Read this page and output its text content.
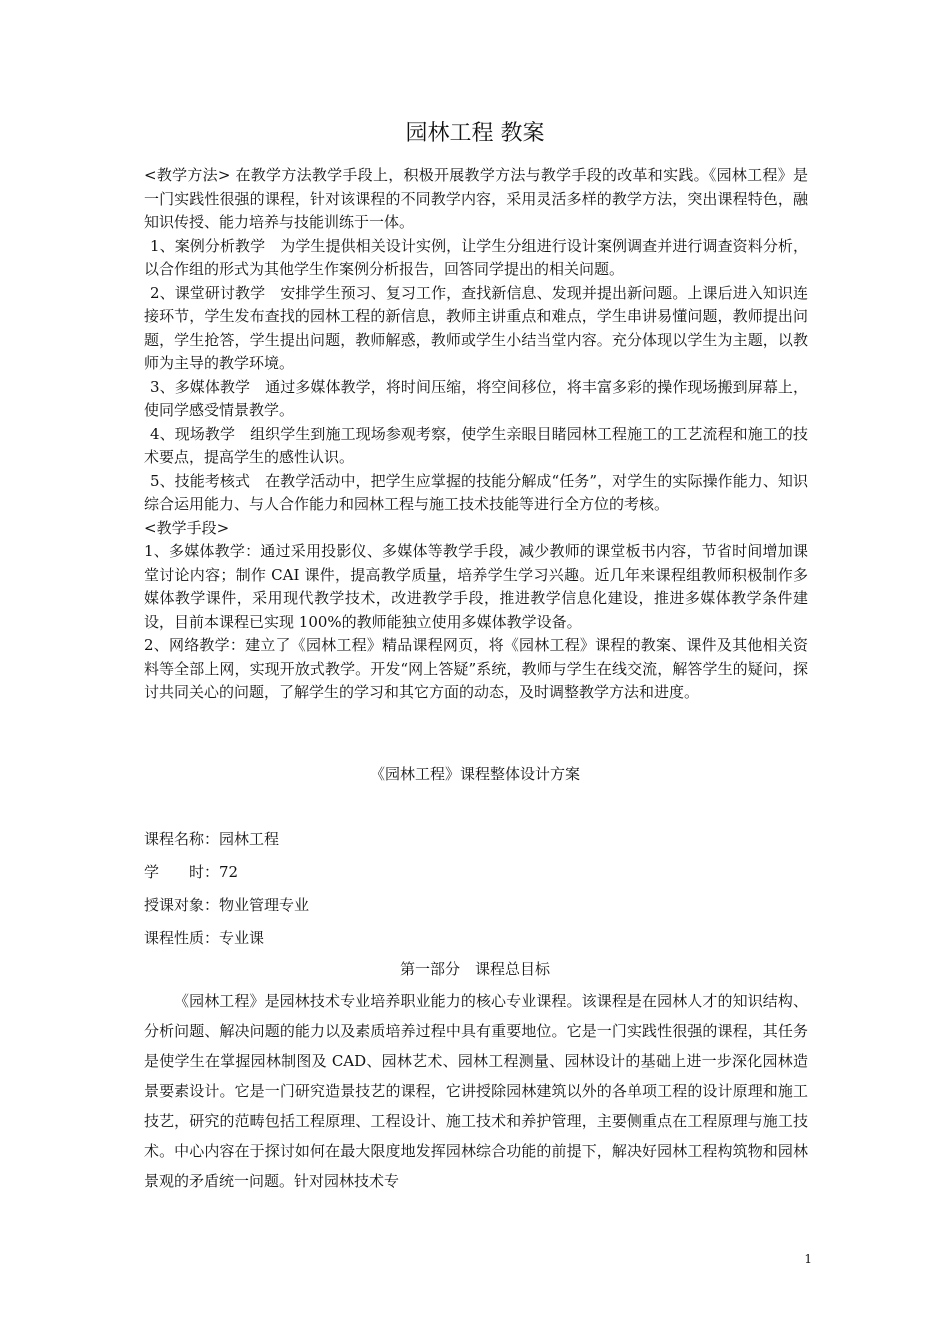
园林工程 教案

<教学方法> 在教学方法教学手段上，积极开展教学方法与教学手段的改革和实践。《园林工程》是一门实践性很强的课程，针对该课程的不同教学内容，采用灵活多样的教学方法，突出课程特色，融知识传授、能力培养与技能训练于一体。

1、案例分析教学　为学生提供相关设计实例，让学生分组进行设计案例调查并进行调查资料分析，以合作组的形式为其他学生作案例分析报告，回答同学提出的相关问题。

2、课堂研讨教学　安排学生预习、复习工作，查找新信息、发现并提出新问题。上课后进入知识连接环节，学生发布查找的园林工程的新信息，教师主讲重点和难点，学生串讲易懂问题，教师提出问题，学生抢答，学生提出问题，教师解惑，教师或学生小结当堂内容。充分体现以学生为主题，以教师为主导的教学环境。

3、多媒体教学　通过多媒体教学，将时间压缩，将空间移位，将丰富多彩的操作现场搬到屏幕上，使同学感受情景教学。

4、现场教学　组织学生到施工现场参观考察，使学生亲眼目睹园林工程施工的工艺流程和施工的技术要点，提高学生的感性认识。

5、技能考核式　在教学活动中，把学生应掌握的技能分解成“任务”，对学生的实际操作能力、知识综合运用能力、与人合作能力和园林工程与施工技术技能等进行全方位的考核。

<教学手段>

1、多媒体教学：通过采用投影仪、多媒体等教学手段，减少教师的课堂板书内容，节省时间增加课堂讨论内容；制作 CAI 课件，提高教学质量，培养学生学习兴趣。近几年来课程组教师积极制作多媒体教学课件，采用现代教学技术，改进教学手段，推进教学信息化建设，推进多媒体教学条件建设，目前本课程已实现 100%的教师能独立使用多媒体教学设备。

2、网络教学：建立了《园林工程》精品课程网页，将《园林工程》课程的教案、课件及其他相关资料等全部上网，实现开放式教学。开发“网上答疑”系统，教师与学生在线交流，解答学生的疑问，探讨共同关心的问题，了解学生的学习和其它方面的动态，及时调整教学方法和进度。

《园林工程》课程整体设计方案

课程名称：园林工程

学　　时：72

授课对象：物业管理专业

课程性质：专业课

第一部分　课程总目标

《园林工程》是园林技术专业培养职业能力的核心专业课程。该课程是在园林人才的知识结构、分析问题、解决问题的能力以及素质培养过程中具有重要地位。它是一门实践性很强的课程，其任务是使学生在掌握园林制图及 CAD、园林艺术、园林工程测量、园林设计的基础上进一步深化园林造景要素设计。它是一门研究造景技艺的课程，它讲授除园林建筑以外的各单项工程的设计原理和施工技艺，研究的范畴包括工程原理、工程设计、施工技术和养护管理，主要侧重点在工程原理与施工技术。中心内容在于探讨如何在最大限度地发挥园林综合功能的前提下，解决好园林工程构筑物和园林景观的矛盾统一问题。针对园林技术专

1
